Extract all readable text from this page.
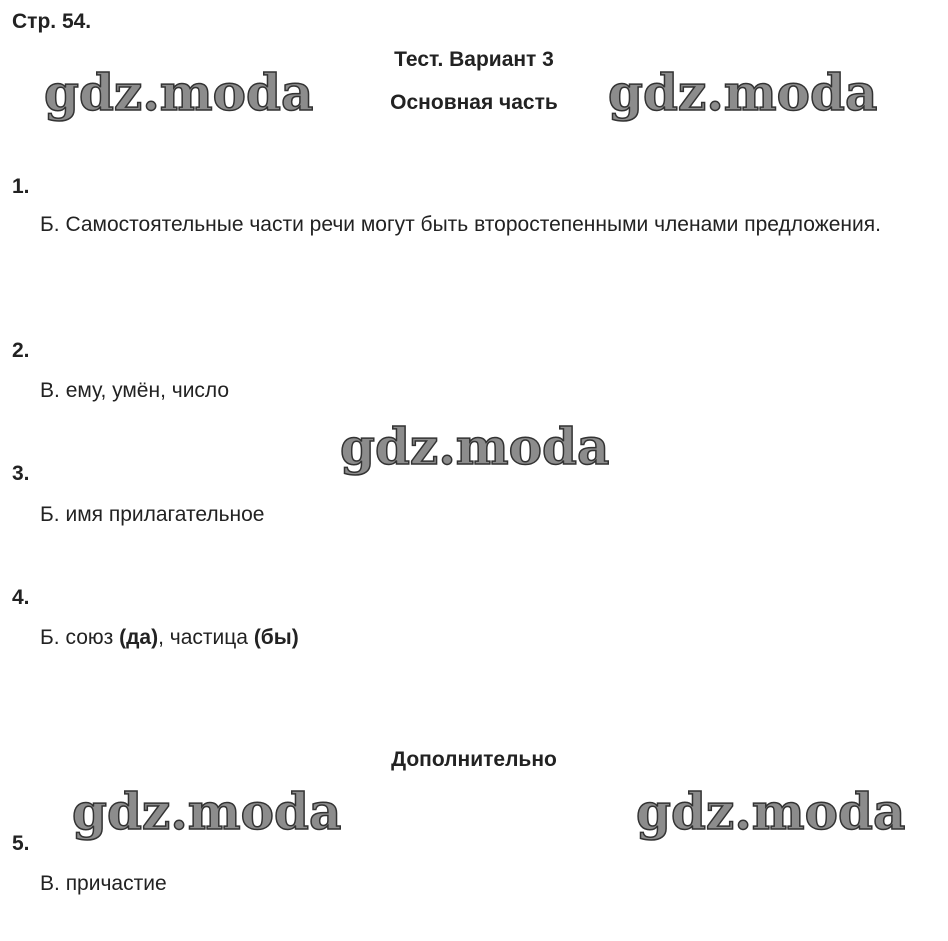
Стр. 54.
Тест. Вариант 3
Основная часть
1.
Б. Самостоятельные части речи могут быть второстепенными членами предложения.
2.
В. ему, умён, число
3.
Б. имя прилагательное
4.
Б. союз (да), частица (бы)
Дополнительно
5.
В. причастие
gdz.moda	gdz.moda
gdz.moda
gdz.moda	gdz.moda
